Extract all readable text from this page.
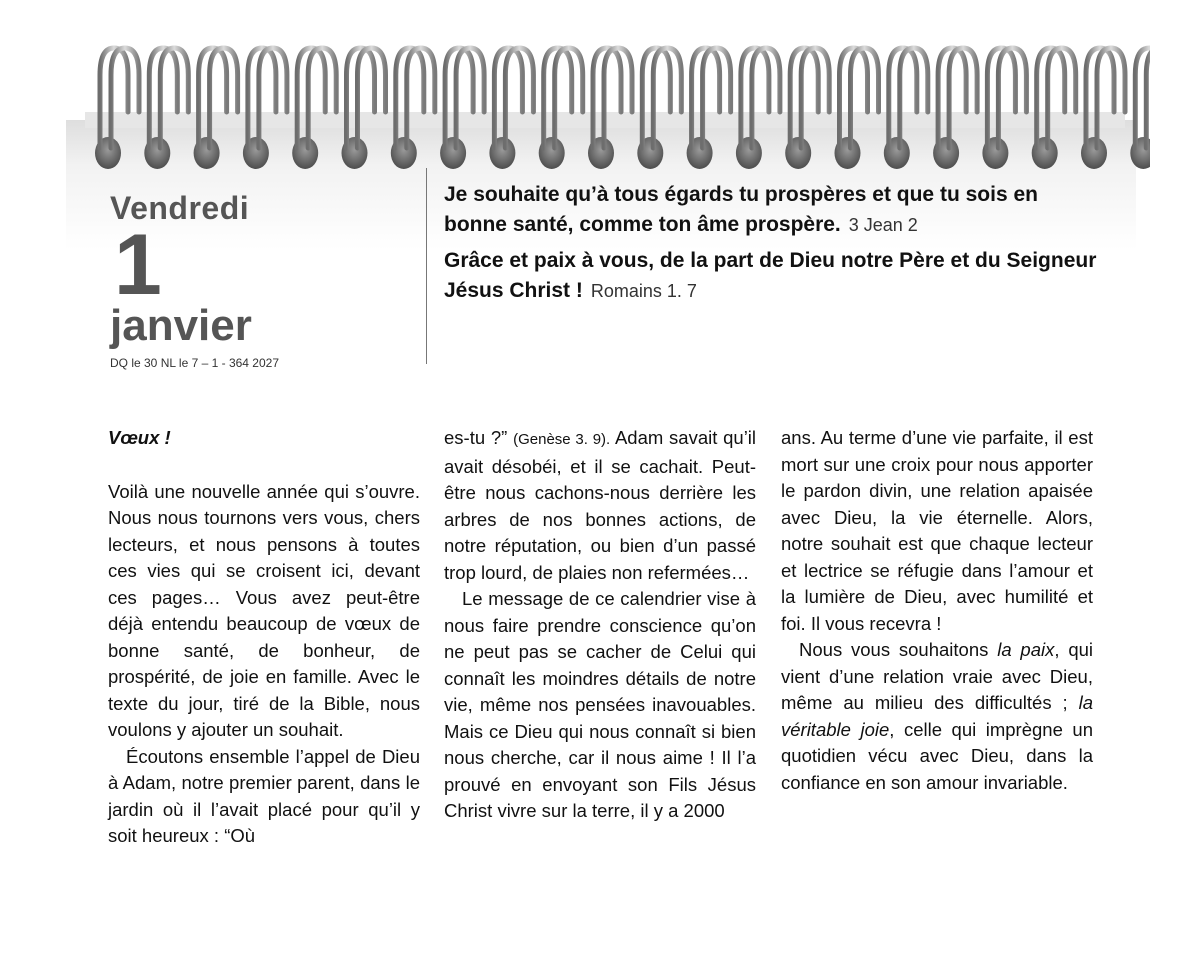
Vendredi
1
janvier
DQ le 30 NL le 7 – 1 - 364 2027
Je souhaite qu’à tous égards tu prospères et que tu sois en bonne santé, comme ton âme prospère. 3 Jean 2
Grâce et paix à vous, de la part de Dieu notre Père et du Seigneur Jésus Christ ! Romains 1. 7

Vœux !

Voilà une nouvelle année qui s’ouvre. Nous nous tournons vers vous, chers lecteurs, et nous pensons à toutes ces vies qui se croisent ici, devant ces pages… Vous avez peut-être déjà entendu beaucoup de vœux de bonne santé, de bonheur, de prospérité, de joie en famille. Avec le texte du jour, tiré de la Bible, nous voulons y ajouter un souhait.

Écoutons ensemble l’appel de Dieu à Adam, notre premier parent, dans le jardin où il l’avait placé pour qu’il y soit heureux : “Où

es-tu ?” (Genèse 3. 9). Adam savait qu’il avait désobéi, et il se cachait. Peut-être nous cachons-nous derrière les arbres de nos bonnes actions, de notre réputation, ou bien d’un passé trop lourd, de plaies non refermées…

Le message de ce calendrier vise à nous faire prendre conscience qu’on ne peut pas se cacher de Celui qui connaît les moindres détails de notre vie, même nos pensées inavouables. Mais ce Dieu qui nous connaît si bien nous cherche, car il nous aime ! Il l’a prouvé en envoyant son Fils Jésus Christ vivre sur la terre, il y a 2000

ans. Au terme d’une vie parfaite, il est mort sur une croix pour nous apporter le pardon divin, une relation apaisée avec Dieu, la vie éternelle. Alors, notre souhait est que chaque lecteur et lectrice se réfugie dans l’amour et la lumière de Dieu, avec humilité et foi. Il vous recevra !

Nous vous souhaitons la paix, qui vient d’une relation vraie avec Dieu, même au milieu des difficultés ; la véritable joie, celle qui imprègne un quotidien vécu avec Dieu, dans la confiance en son amour invariable.
